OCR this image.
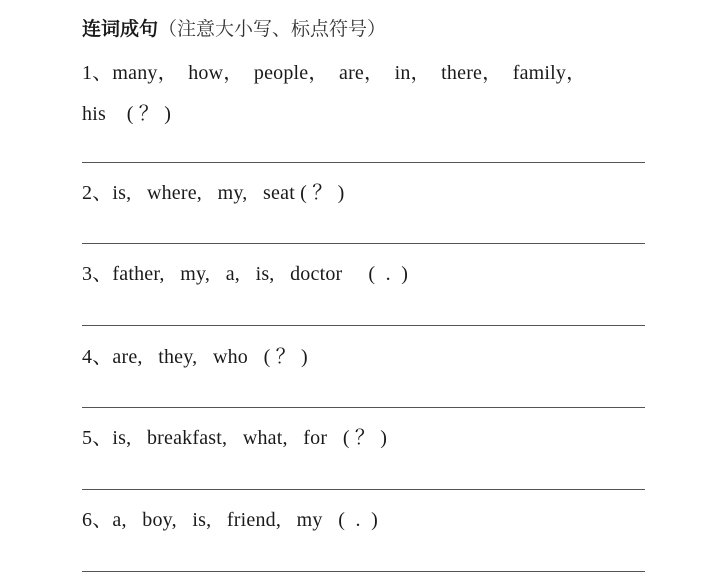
连词成句（注意大小写、标点符号）
1、many，  how，  people，  are，  in，  there，  family，
his    ( ？ )
2、is,   where,   my,   seat ( ？ )
3、father,   my,   a,   is,   doctor     (  .  )
4、are,   they,   who   ( ？ )
5、is,   breakfast,   what,   for   ( ？ )
6、a,   boy,   is,   friend,   my   (  .  )
